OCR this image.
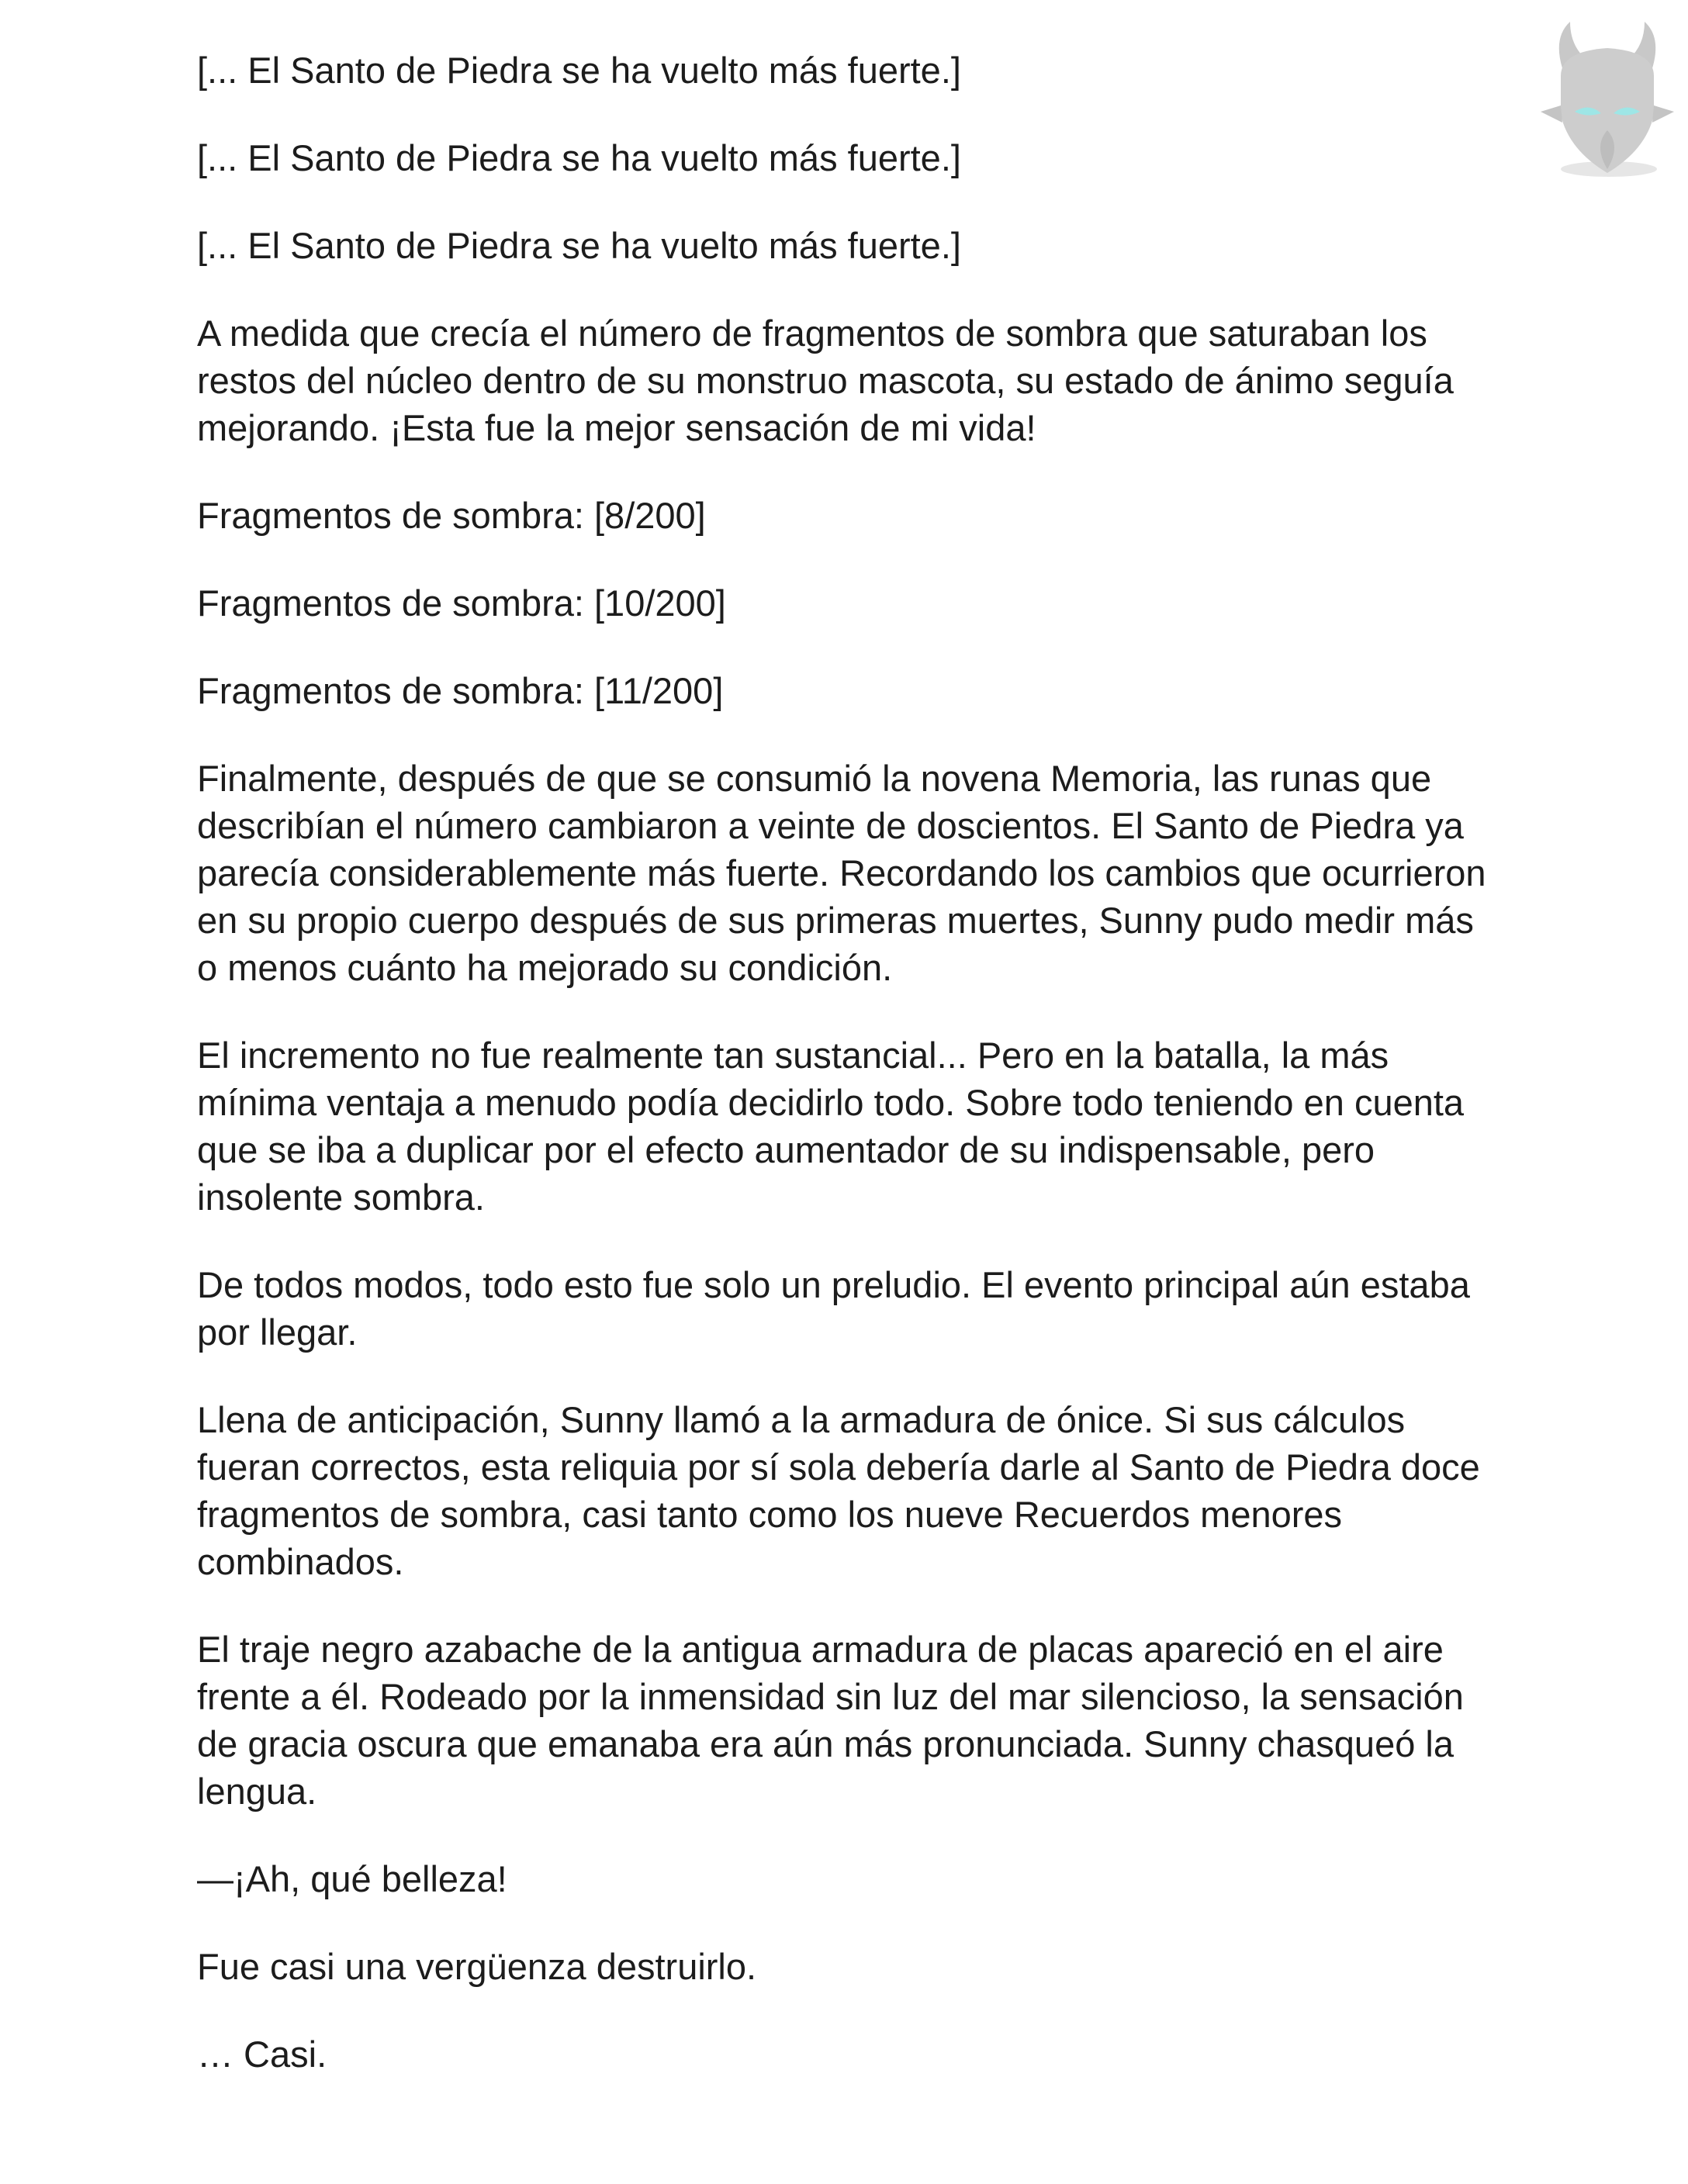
[... El Santo de Piedra se ha vuelto más fuerte.]

[... El Santo de Piedra se ha vuelto más fuerte.]

[... El Santo de Piedra se ha vuelto más fuerte.]

A medida que crecía el número de fragmentos de sombra que saturaban los restos del núcleo dentro de su monstruo mascota, su estado de ánimo seguía mejorando. ¡Esta fue la mejor sensación de mi vida!

Fragmentos de sombra: [8/200]

Fragmentos de sombra: [10/200]

Fragmentos de sombra: [11/200]

Finalmente, después de que se consumió la novena Memoria, las runas que describían el número cambiaron a veinte de doscientos. El Santo de Piedra ya parecía considerablemente más fuerte. Recordando los cambios que ocurrieron en su propio cuerpo después de sus primeras muertes, Sunny pudo medir más o menos cuánto ha mejorado su condición.

El incremento no fue realmente tan sustancial... Pero en la batalla, la más mínima ventaja a menudo podía decidirlo todo. Sobre todo teniendo en cuenta que se iba a duplicar por el efecto aumentador de su indispensable, pero insolente sombra.

De todos modos, todo esto fue solo un preludio. El evento principal aún estaba por llegar.

Llena de anticipación, Sunny llamó a la armadura de ónice. Si sus cálculos fueran correctos, esta reliquia por sí sola debería darle al Santo de Piedra doce fragmentos de sombra, casi tanto como los nueve Recuerdos menores combinados.

El traje negro azabache de la antigua armadura de placas apareció en el aire frente a él. Rodeado por la inmensidad sin luz del mar silencioso, la sensación de gracia oscura que emanaba era aún más pronunciada. Sunny chasqueó la lengua.

—¡Ah, qué belleza!

Fue casi una vergüenza destruirlo.

… Casi.
